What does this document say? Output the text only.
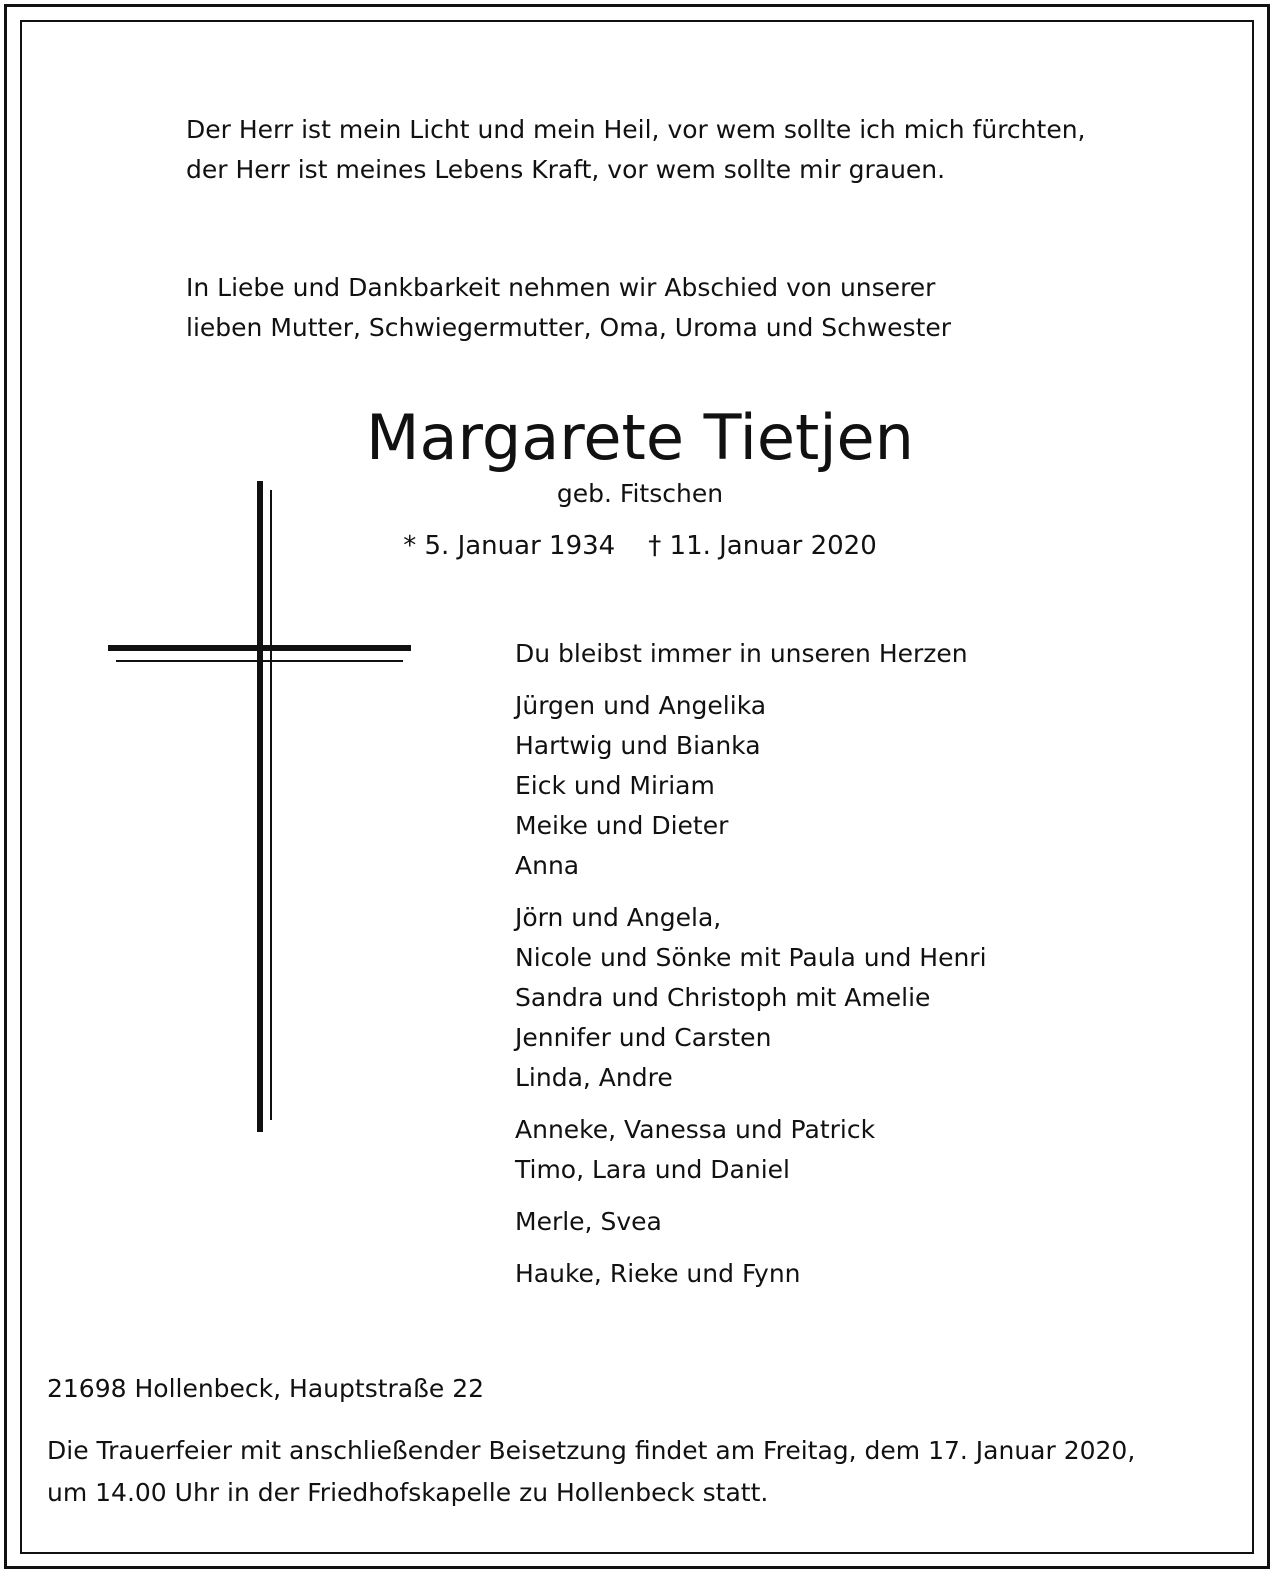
Der Herr ist mein Licht und mein Heil, vor wem sollte ich mich fürchten,
der Herr ist meines Lebens Kraft, vor wem sollte mir grauen.
In Liebe und Dankbarkeit nehmen wir Abschied von unserer
lieben Mutter, Schwiegermutter, Oma, Uroma und Schwester
Margarete Tietjen
geb. Fitschen
* 5. Januar 1934    † 11. Januar 2020
Du bleibst immer in unseren Herzen
Jürgen und Angelika
Hartwig und Bianka
Eick und Miriam
Meike und Dieter
Anna
Jörn und Angela,
Nicole und Sönke mit Paula und Henri
Sandra und Christoph mit Amelie
Jennifer und Carsten
Linda, Andre
Anneke, Vanessa und Patrick
Timo, Lara und Daniel
Merle, Svea
Hauke, Rieke und Fynn
21698 Hollenbeck, Hauptstraße 22
Die Trauerfeier mit anschließender Beisetzung findet am Freitag, dem 17. Januar 2020,
um 14.00 Uhr in der Friedhofskapelle zu Hollenbeck statt.
